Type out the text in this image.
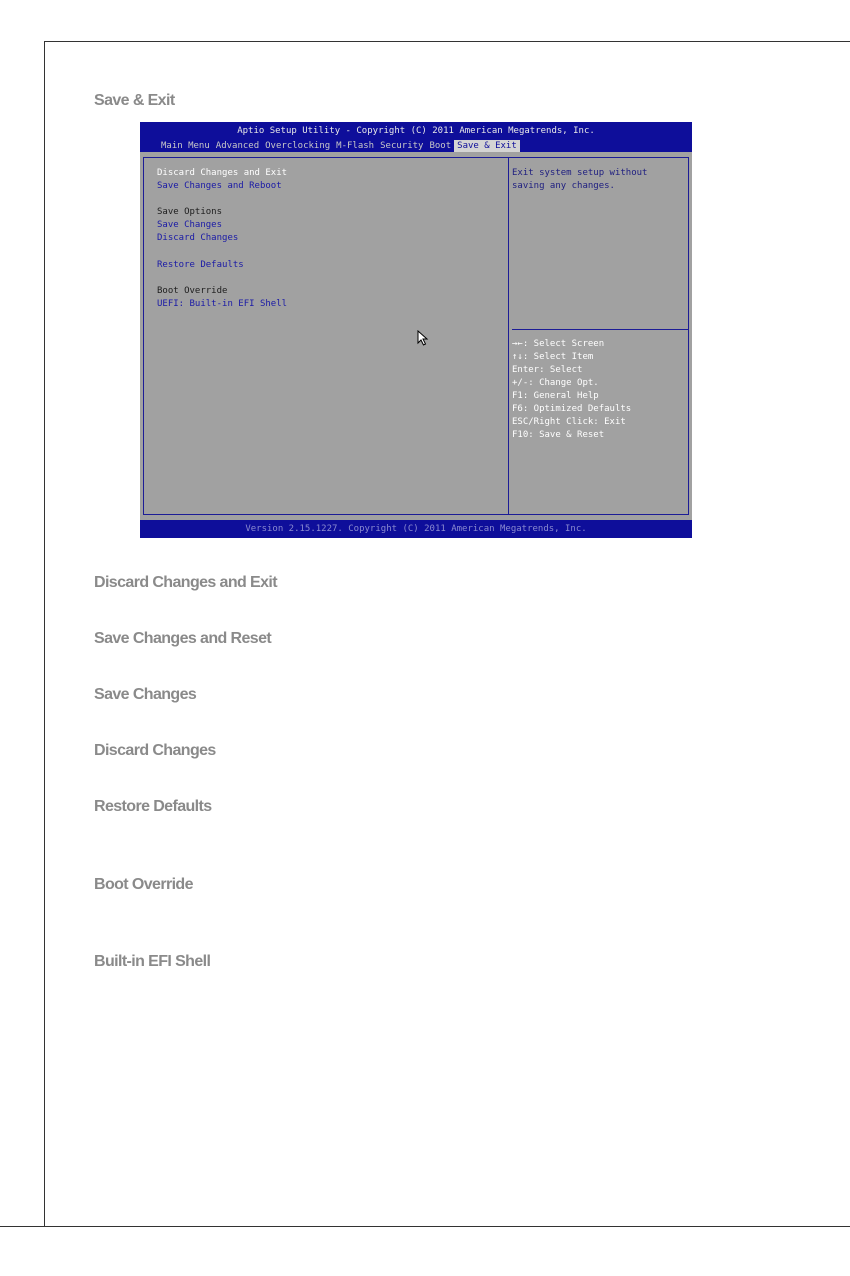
Save & Exit
Aptio Setup Utility - Copyright (C) 2011 American Megatrends, Inc.
Main Menu Advanced Overclocking M-Flash Security Boot Save & Exit
Discard Changes and Exit
Save Changes and Reboot
Save Options
Save Changes
Discard Changes
Restore Defaults
Boot Override
UEFI: Built-in EFI Shell
Exit system setup without
saving any changes.
→←: Select Screen
↑↓: Select Item
Enter: Select
+/-: Change Opt.
F1: General Help
F6: Optimized Defaults
ESC/Right Click: Exit
F10: Save & Reset
Version 2.15.1227. Copyright (C) 2011 American Megatrends, Inc.
Discard Changes and Exit
Save Changes and Reset
Save Changes
Discard Changes
Restore Defaults
Boot Override
Built-in EFI Shell
